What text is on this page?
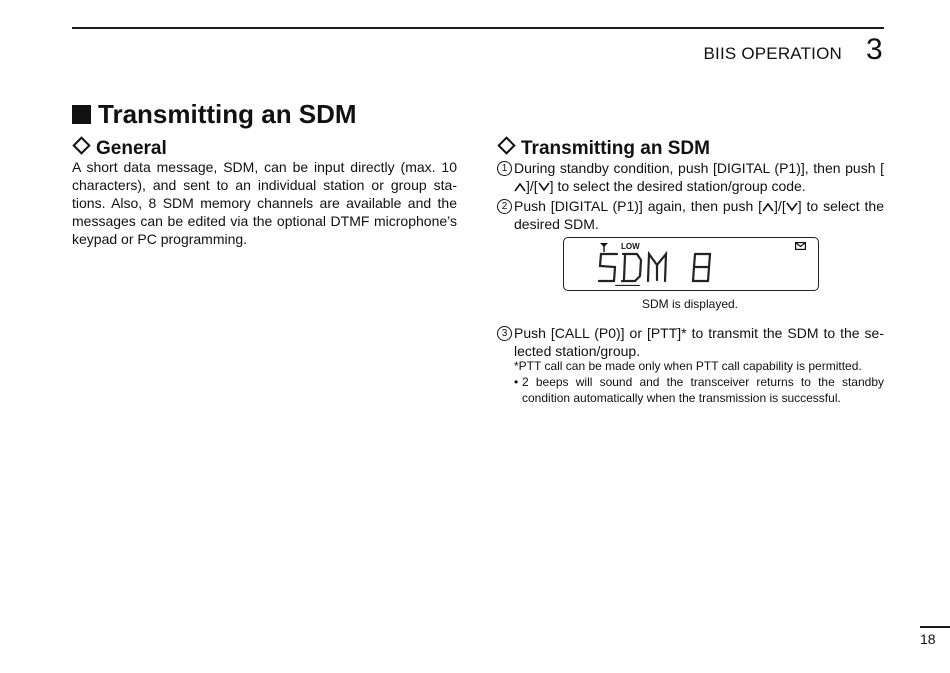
BIIS OPERATION 3
Transmitting an SDM
General
A short data message, SDM, can be input directly (max. 10 characters), and sent to an individual station or group stations. Also, 8 SDM memory channels are available and the messages can be edited via the optional DTMF microphone’s keypad or PC programming.
Transmitting an SDM
1 During standby condition, push [DIGITAL (P1)], then push []/[ ] to select the desired station/group code.
2 Push [DIGITAL (P1)] again, then push [ ]/[ ] to select the desired SDM.
LOW
SDM is displayed.
3 Push [CALL (P0)] or [PTT]* to transmit the SDM to the selected station/group.
*PTT call can be made only when PTT call capability is permitted.
• 2 beeps will sound and the transceiver returns to the standby condition automatically when the transmission is successful.
18
